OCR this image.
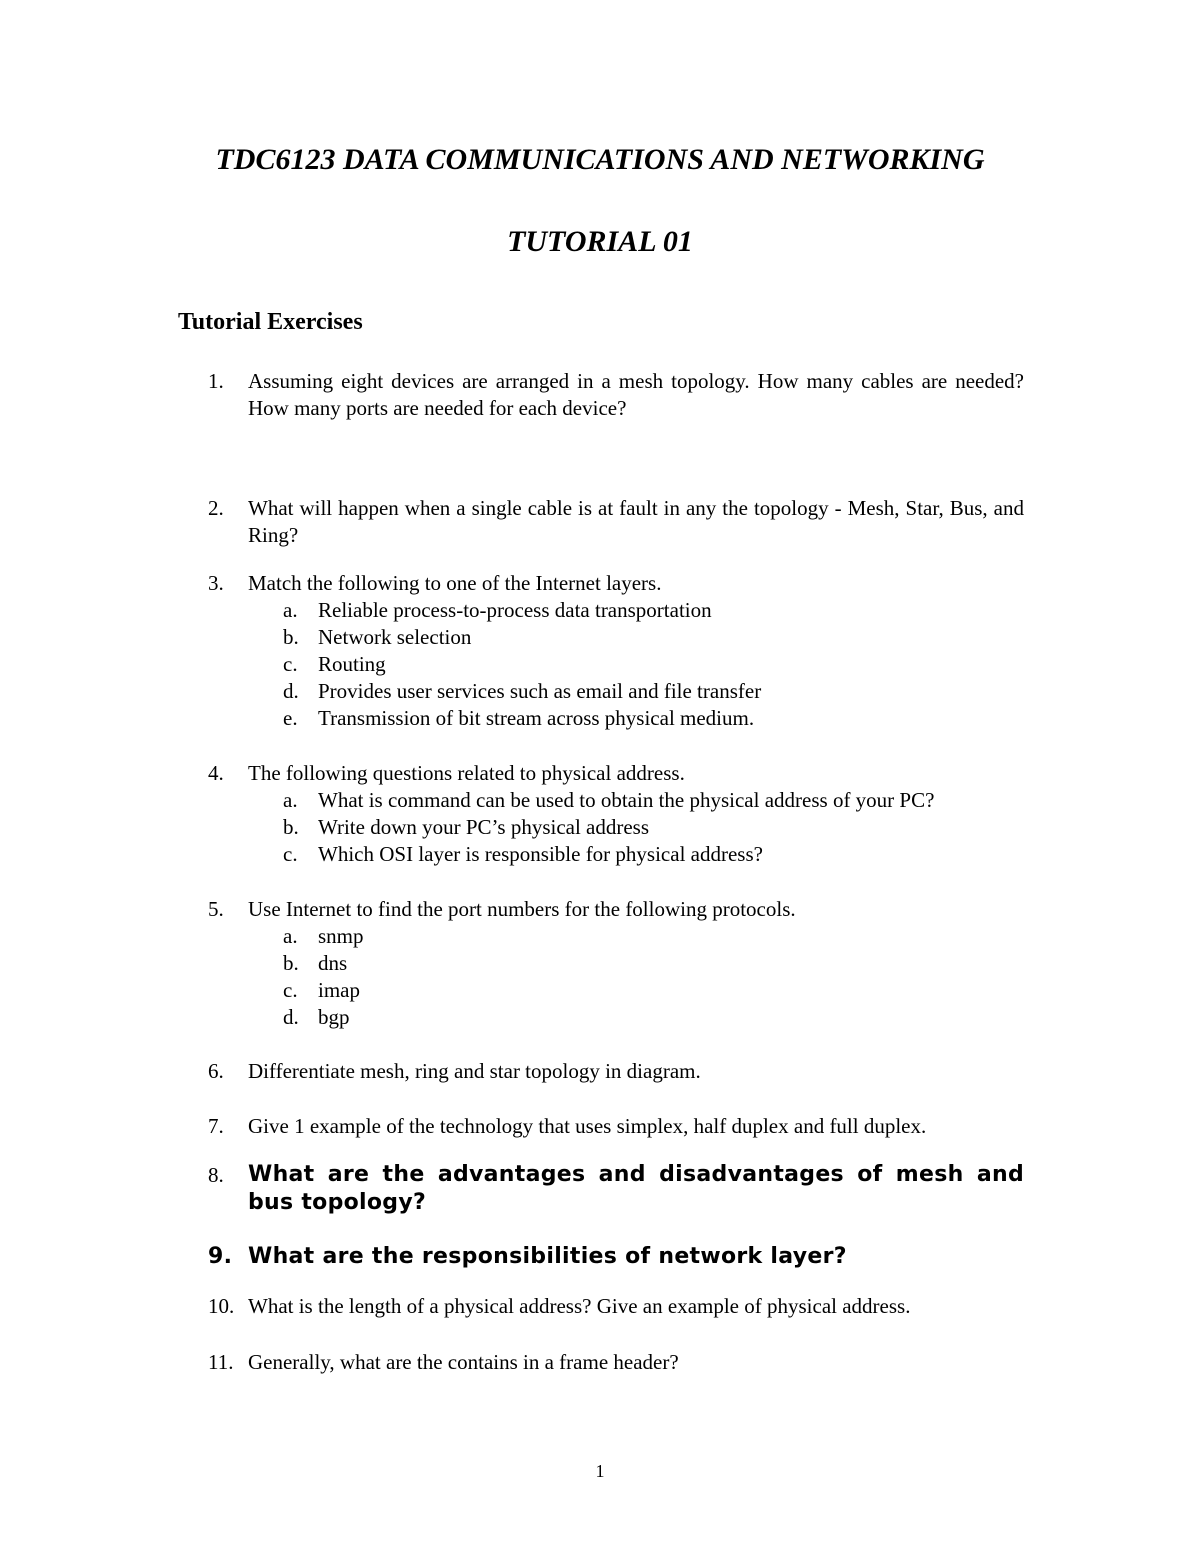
TDC6123 DATA COMMUNICATIONS AND NETWORKING
TUTORIAL 01
Tutorial Exercises
1.	Assuming eight devices are arranged in a mesh topology. How many cables are needed? How many ports are needed for each device?
2.	What will happen when a single cable is at fault in any the topology - Mesh, Star, Bus, and Ring?
3.	Match the following to one of the Internet layers.
a. Reliable process-to-process data transportation
b. Network selection
c. Routing
d. Provides user services such as email and file transfer
e. Transmission of bit stream across physical medium.
4.	The following questions related to physical address.
a. What is command can be used to obtain the physical address of your PC?
b. Write down your PC’s physical address
c. Which OSI layer is responsible for physical address?
5.	Use Internet to find the port numbers for the following protocols.
a. snmp
b. dns
c. imap
d. bgp
6.	Differentiate mesh, ring and star topology in diagram.
7.	Give 1 example of the technology that uses simplex, half duplex and full duplex.
8.	What are the advantages and disadvantages of mesh and bus topology?
9. What are the responsibilities of network layer?
10. What is the length of a physical address? Give an example of physical address.
11. Generally, what are the contains in a frame header?
1
